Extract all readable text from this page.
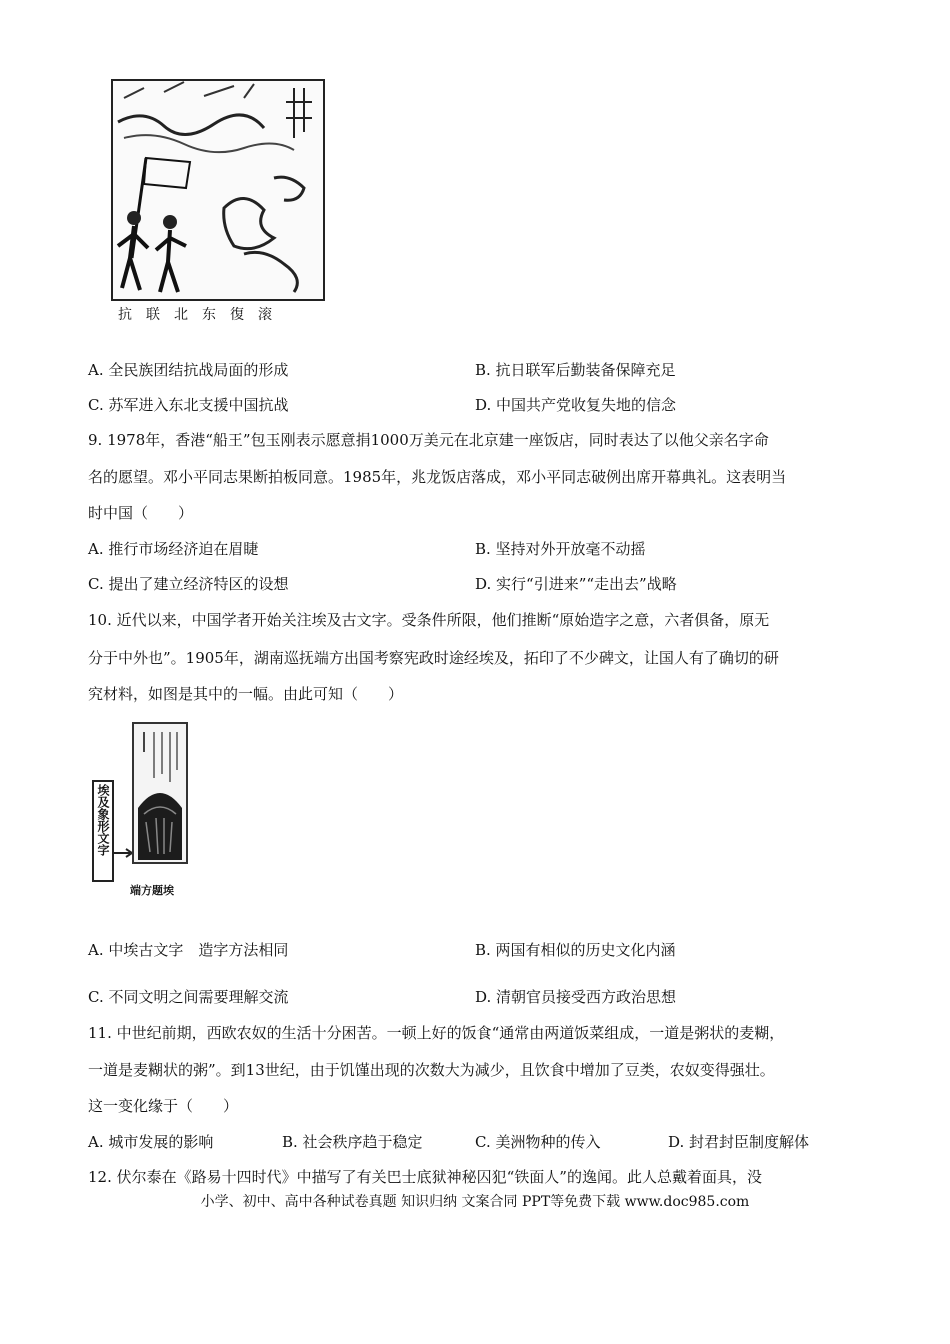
抗联北东復滚
A. 全民族团结抗战局面的形成	B. 抗日联军后勤装备保障充足
C. 苏军进入东北支援中国抗战	D. 中国共产党收复失地的信念
9. 1978年，香港“船王”包玉刚表示愿意捐1000万美元在北京建一座饭店，同时表达了以他父亲名字命
名的愿望。邓小平同志果断拍板同意。1985年，兆龙饭店落成，邓小平同志破例出席开幕典礼。这表明当
时中国（　　）
A. 推行市场经济迫在眉睫	B. 坚持对外开放毫不动摇
C. 提出了建立经济特区的设想	D. 实行“引进来”“走出去”战略
10. 近代以来，中国学者开始关注埃及古文字。受条件所限，他们推断“原始造字之意，六者俱备，原无
分于中外也”。1905年，湖南巡抚端方出国考察宪政时途经埃及，拓印了不少碑文，让国人有了确切的研
究材料，如图是其中的一幅。由此可知（　　）
埃及象形文字
端方题埃
A. 中埃古文字　造字方法相同	B. 两国有相似的历史文化内涵
C. 不同文明之间需要理解交流	D. 清朝官员接受西方政治思想
11. 中世纪前期，西欧农奴的生活十分困苦。一顿上好的饭食“通常由两道饭菜组成，一道是粥状的麦糊，
一道是麦糊状的粥”。到13世纪，由于饥馑出现的次数大为减少，且饮食中增加了豆类，农奴变得强壮。
这一变化缘于（　　）
A. 城市发展的影响	B. 社会秩序趋于稳定	C. 美洲物种的传入	D. 封君封臣制度解体
12. 伏尔泰在《路易十四时代》中描写了有关巴士底狱神秘囚犯“铁面人”的逸闻。此人总戴着面具，没
小学、初中、高中各种试卷真题 知识归纳 文案合同 PPT等免费下载 www.doc985.com
